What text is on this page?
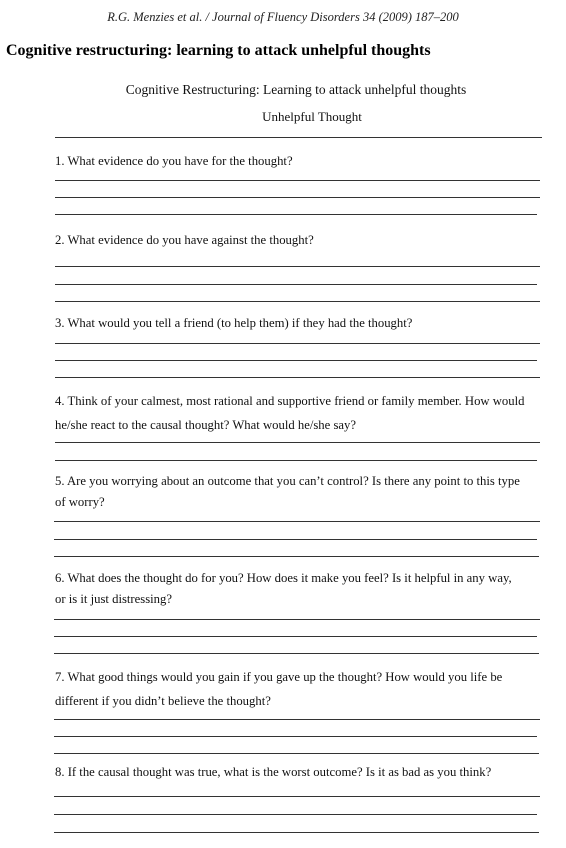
R.G. Menzies et al. / Journal of Fluency Disorders 34 (2009) 187–200
Cognitive restructuring: learning to attack unhelpful thoughts
Cognitive Restructuring: Learning to attack unhelpful thoughts
Unhelpful Thought
1. What evidence do you have for the thought?
2. What evidence do you have against the thought?
3. What would you tell a friend (to help them) if they had the thought?
4. Think of your calmest, most rational and supportive friend or family member. How would he/she react to the causal thought? What would he/she say?
5. Are you worrying about an outcome that you can’t control? Is there any point to this type of worry?
6. What does the thought do for you? How does it make you feel? Is it helpful in any way, or is it just distressing?
7. What good things would you gain if you gave up the thought? How would you life be different if you didn’t believe the thought?
8. If the causal thought was true, what is the worst outcome? Is it as bad as you think?
